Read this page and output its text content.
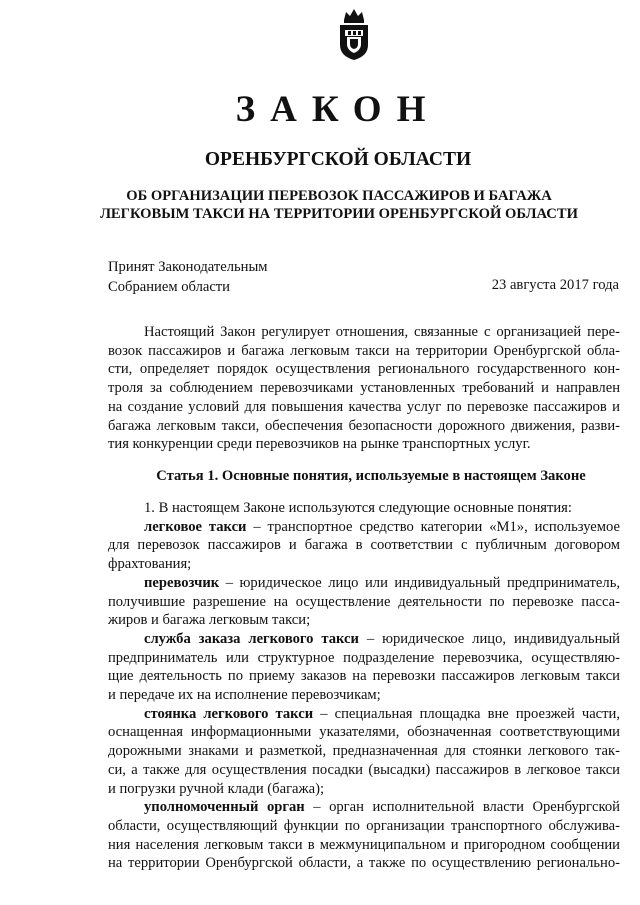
ЗАКОН
ОРЕНБУРГСКОЙ ОБЛАСТИ
ОБ ОРГАНИЗАЦИИ ПЕРЕВОЗОК ПАССАЖИРОВ И БАГАЖА
ЛЕГКОВЫМ ТАКСИ НА ТЕРРИТОРИИ ОРЕНБУРГСКОЙ ОБЛАСТИ
Принят Законодательным
Собранием области	23 августа 2017 года
Настоящий Закон регулирует отношения, связанные с организацией пере-
возок пассажиров и багажа легковым такси на территории Оренбургской обла-
сти, определяет порядок осуществления регионального государственного кон-
троля за соблюдением перевозчиками установленных требований и направлен
на создание условий для повышения качества услуг по перевозке пассажиров и
багажа легковым такси, обеспечения безопасности дорожного движения, разви-
тия конкуренции среди перевозчиков на рынке транспортных услуг.
Статья 1. Основные понятия, используемые в настоящем Законе
1. В настоящем Законе используются следующие основные понятия:
легковое такси – транспортное средство категории «M1», используемое
для перевозок пассажиров и багажа в соответствии с публичным договором
фрахтования;
перевозчик – юридическое лицо или индивидуальный предприниматель,
получившие разрешение на осуществление деятельности по перевозке пасса-
жиров и багажа легковым такси;
служба заказа легкового такси – юридическое лицо, индивидуальный
предприниматель или структурное подразделение перевозчика, осуществляю-
щие деятельность по приему заказов на перевозки пассажиров легковым такси
и передаче их на исполнение перевозчикам;
стоянка легкового такси – специальная площадка вне проезжей части,
оснащенная информационными указателями, обозначенная соответствующими
дорожными знаками и разметкой, предназначенная для стоянки легкового так-
си, а также для осуществления посадки (высадки) пассажиров в легковое такси
и погрузки ручной клади (багажа);
уполномоченный орган – орган исполнительной власти Оренбургской
области, осуществляющий функции по организации транспортного обслужива-
ния населения легковым такси в межмуниципальном и пригородном сообщении
на территории Оренбургской области, а также по осуществлению регионально-
